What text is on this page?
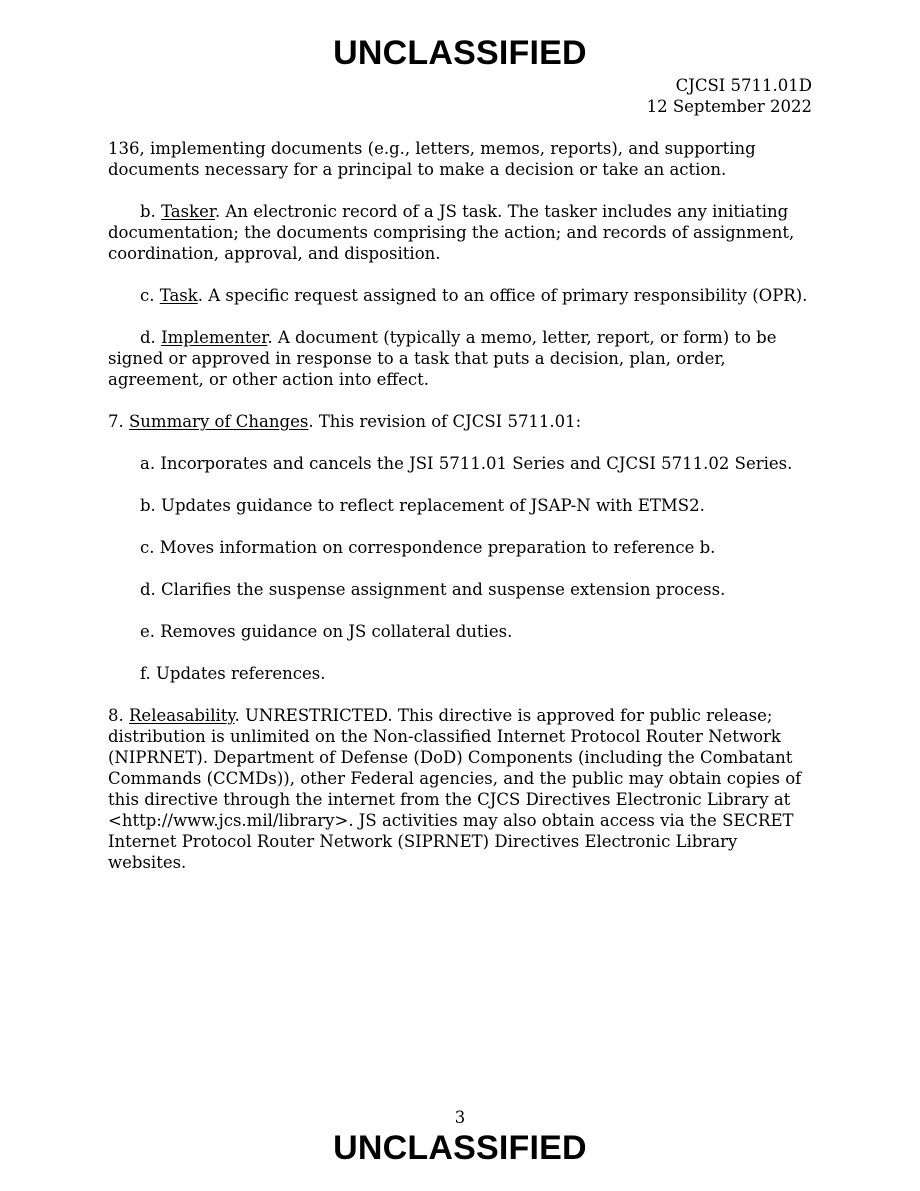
UNCLASSIFIED
CJCSI 5711.01D
12 September 2022

136, implementing documents (e.g., letters, memos, reports), and supporting documents necessary for a principal to make a decision or take an action.

b. Tasker. An electronic record of a JS task. The tasker includes any initiating documentation; the documents comprising the action; and records of assignment, coordination, approval, and disposition.

c. Task. A specific request assigned to an office of primary responsibility (OPR).

d. Implementer. A document (typically a memo, letter, report, or form) to be signed or approved in response to a task that puts a decision, plan, order, agreement, or other action into effect.

7. Summary of Changes. This revision of CJCSI 5711.01:

a. Incorporates and cancels the JSI 5711.01 Series and CJCSI 5711.02 Series.

b. Updates guidance to reflect replacement of JSAP-N with ETMS2.

c. Moves information on correspondence preparation to reference b.

d. Clarifies the suspense assignment and suspense extension process.

e. Removes guidance on JS collateral duties.

f. Updates references.

8. Releasability. UNRESTRICTED. This directive is approved for public release; distribution is unlimited on the Non-classified Internet Protocol Router Network (NIPRNET). Department of Defense (DoD) Components (including the Combatant Commands (CCMDs)), other Federal agencies, and the public may obtain copies of this directive through the internet from the CJCS Directives Electronic Library at <http://www.jcs.mil/library>. JS activities may also obtain access via the SECRET Internet Protocol Router Network (SIPRNET) Directives Electronic Library websites.

3
UNCLASSIFIED
